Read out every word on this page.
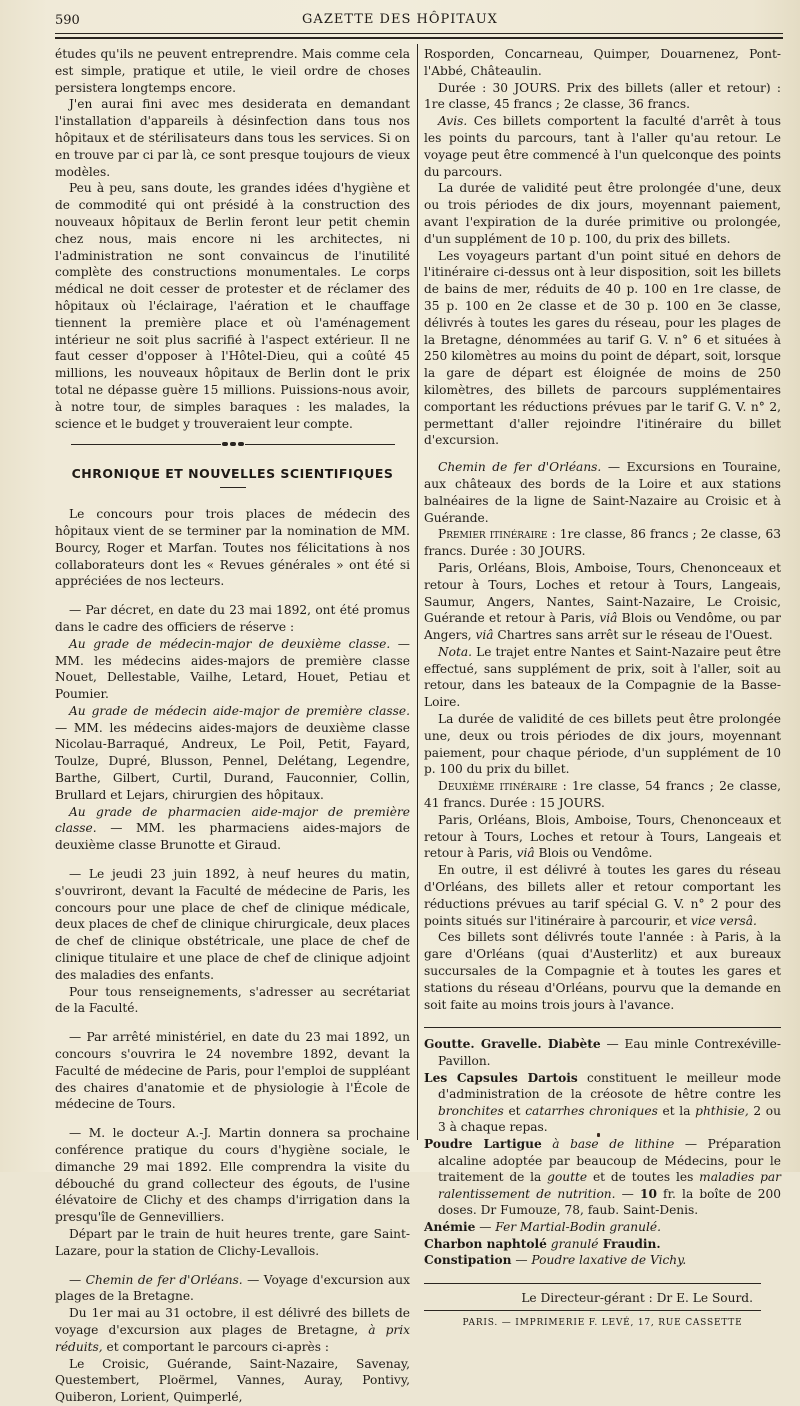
590	GAZETTE DES HÔPITAUX

études qu'ils ne peuvent entreprendre. Mais comme cela est simple, pratique et utile, le vieil ordre de choses persistera longtemps encore.

J'en aurai fini avec mes desiderata en demandant l'installation d'appareils à désinfection dans tous nos hôpitaux et de stérilisateurs dans tous les services. Si on en trouve par ci par là, ce sont presque toujours de vieux modèles.

Peu à peu, sans doute, les grandes idées d'hygiène et de commodité qui ont présidé à la construction des nouveaux hôpitaux de Berlin feront leur petit chemin chez nous, mais encore ni les architectes, ni l'administration ne sont convaincus de l'inutilité complète des constructions monumentales. Le corps médical ne doit cesser de protester et de réclamer des hôpitaux où l'éclairage, l'aération et le chauffage tiennent la première place et où l'aménagement intérieur ne soit plus sacrifié à l'aspect extérieur. Il ne faut cesser d'opposer à l'Hôtel-Dieu, qui a coûté 45 millions, les nouveaux hôpitaux de Berlin dont le prix total ne dépasse guère 15 millions. Puissions-nous avoir, à notre tour, de simples baraques : les malades, la science et le budget y trouveraient leur compte.

CHRONIQUE ET NOUVELLES SCIENTIFIQUES

Le concours pour trois places de médecin des hôpitaux vient de se terminer par la nomination de MM. Bourcy, Roger et Marfan. Toutes nos félicitations à nos collaborateurs dont les « Revues générales » ont été si appréciées de nos lecteurs.

— Par décret, en date du 23 mai 1892, ont été promus dans le cadre des officiers de réserve :

Au grade de médecin-major de deuxième classe. — MM. les médecins aides-majors de première classe Nouet, Dellestable, Vailhe, Letard, Houet, Petiau et Poumier.

Au grade de médecin aide-major de première classe. — MM. les médecins aides-majors de deuxième classe Nicolau-Barraqué, Andreux, Le Poil, Petit, Fayard, Toulze, Dupré, Blusson, Pennel, Delétang, Legendre, Barthe, Gilbert, Curtil, Durand, Fauconnier, Collin, Brullard et Lejars, chirurgien des hôpitaux.

Au grade de pharmacien aide-major de première classe. — MM. les pharmaciens aides-majors de deuxième classe Brunotte et Giraud.

— Le jeudi 23 juin 1892, à neuf heures du matin, s'ouvriront, devant la Faculté de médecine de Paris, les concours pour une place de chef de clinique médicale, deux places de chef de clinique chirurgicale, deux places de chef de clinique obstétricale, une place de chef de clinique titulaire et une place de chef de clinique adjoint des maladies des enfants.

Pour tous renseignements, s'adresser au secrétariat de la Faculté.

— Par arrêté ministériel, en date du 23 mai 1892, un concours s'ouvrira le 24 novembre 1892, devant la Faculté de médecine de Paris, pour l'emploi de suppléant des chaires d'anatomie et de physiologie à l'École de médecine de Tours.

— M. le docteur A.-J. Martin donnera sa prochaine conférence pratique du cours d'hygiène sociale, le dimanche 29 mai 1892. Elle comprendra la visite du débouché du grand collecteur des égouts, de l'usine élévatoire de Clichy et des champs d'irrigation dans la presqu'île de Gennevilliers.

Départ par le train de huit heures trente, gare Saint-Lazare, pour la station de Clichy-Levallois.

— Chemin de fer d'Orléans. — Voyage d'excursion aux plages de la Bretagne.

Du 1er mai au 31 octobre, il est délivré des billets de voyage d'excursion aux plages de Bretagne, à prix réduits, et comportant le parcours ci-après :

Le Croisic, Guérande, Saint-Nazaire, Savenay, Questembert, Ploërmel, Vannes, Auray, Pontivy, Quiberon, Lorient, Quimperlé,

Rosporden, Concarneau, Quimper, Douarnenez, Pont-l'Abbé, Châteaulin.

Durée : 30 JOURS. Prix des billets (aller et retour) : 1re classe, 45 francs ; 2e classe, 36 francs.

Avis. Ces billets comportent la faculté d'arrêt à tous les points du parcours, tant à l'aller qu'au retour. Le voyage peut être commencé à l'un quelconque des points du parcours.

La durée de validité peut être prolongée d'une, deux ou trois périodes de dix jours, moyennant paiement, avant l'expiration de la durée primitive ou prolongée, d'un supplément de 10 p. 100, du prix des billets.

Les voyageurs partant d'un point situé en dehors de l'itinéraire ci-dessus ont à leur disposition, soit les billets de bains de mer, réduits de 40 p. 100 en 1re classe, de 35 p. 100 en 2e classe et de 30 p. 100 en 3e classe, délivrés à toutes les gares du réseau, pour les plages de la Bretagne, dénommées au tarif G. V. n° 6 et situées à 250 kilomètres au moins du point de départ, soit, lorsque la gare de départ est éloignée de moins de 250 kilomètres, des billets de parcours supplémentaires comportant les réductions prévues par le tarif G. V. n° 2, permettant d'aller rejoindre l'itinéraire du billet d'excursion.

Chemin de fer d'Orléans. — Excursions en Touraine, aux châteaux des bords de la Loire et aux stations balnéaires de la ligne de Saint-Nazaire au Croisic et à Guérande.

Premier itinéraire : 1re classe, 86 francs ; 2e classe, 63 francs. Durée : 30 JOURS.

Paris, Orléans, Blois, Amboise, Tours, Chenonceaux et retour à Tours, Loches et retour à Tours, Langeais, Saumur, Angers, Nantes, Saint-Nazaire, Le Croisic, Guérande et retour à Paris, viâ Blois ou Vendôme, ou par Angers, viâ Chartres sans arrêt sur le réseau de l'Ouest.

Nota. Le trajet entre Nantes et Saint-Nazaire peut être effectué, sans supplément de prix, soit à l'aller, soit au retour, dans les bateaux de la Compagnie de la Basse-Loire.

La durée de validité de ces billets peut être prolongée une, deux ou trois périodes de dix jours, moyennant paiement, pour chaque période, d'un supplément de 10 p. 100 du prix du billet.

Deuxième itinéraire : 1re classe, 54 francs ; 2e classe, 41 francs. Durée : 15 JOURS.

Paris, Orléans, Blois, Amboise, Tours, Chenonceaux et retour à Tours, Loches et retour à Tours, Langeais et retour à Paris, viâ Blois ou Vendôme.

En outre, il est délivré à toutes les gares du réseau d'Orléans, des billets aller et retour comportant les réductions prévues au tarif spécial G. V. n° 2 pour des points situés sur l'itinéraire à parcourir, et vice versâ.

Ces billets sont délivrés toute l'année : à Paris, à la gare d'Orléans (quai d'Austerlitz) et aux bureaux succursales de la Compagnie et à toutes les gares et stations du réseau d'Orléans, pourvu que la demande en soit faite au moins trois jours à l'avance.

Goutte. Gravelle. Diabète — Eau minle Contrexéville-Pavillon.

Les Capsules Dartois constituent le meilleur mode d'administration de la créosote de hêtre contre les bronchites et catarrhes chroniques et la phthisie, 2 ou 3 à chaque repas.

Poudre Lartigue à base de lithine — Préparation alcaline adoptée par beaucoup de Médecins, pour le traitement de la goutte et de toutes les maladies par ralentissement de nutrition. — 10 fr. la boîte de 200 doses. Dr Fumouze, 78, faub. Saint-Denis.

Anémie — Fer Martial-Bodin granulé.

Charbon naphtolé granulé Fraudin.

Constipation — Poudre laxative de Vichy.

Le Directeur-gérant : Dr E. Le Sourd.
PARIS. — IMPRIMERIE F. LEVÉ, 17, RUE CASSETTE
